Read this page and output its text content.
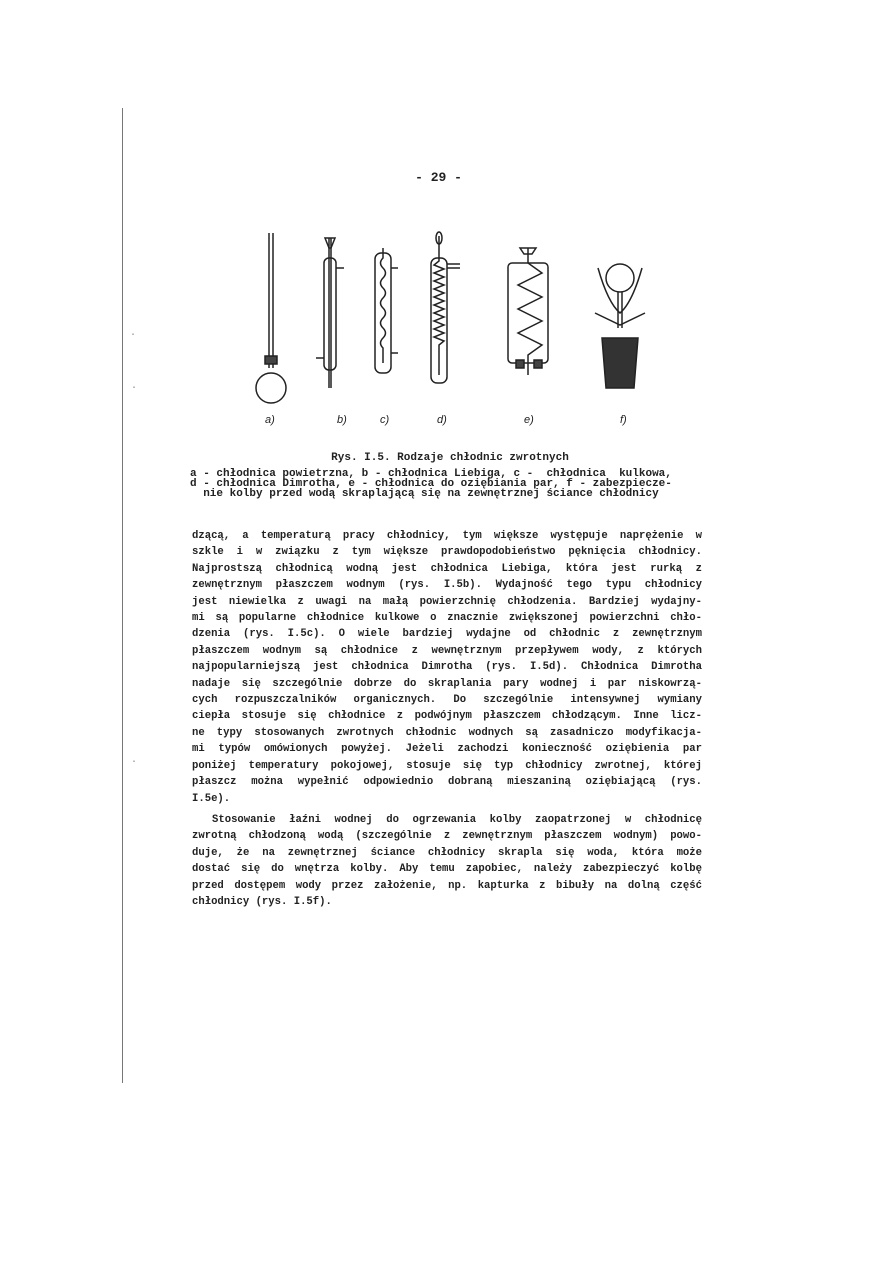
·
·
·
- 29 -
a)	b)	c)	d)	e)	f)
Rys. I.5. Rodzaje chłodnic zwrotnych
a - chłodnica powietrzna, b - chłodnica Liebiga, c -  chłodnica  kulkowa,
d - chłodnica Dimrotha, e - chłodnica do oziębiania par, f - zabezpiecze-
nie kolby przed wodą skraplającą się na zewnętrznej ściance chłodnicy
dzącą, a temperaturą pracy chłodnicy, tym większe występuje naprężenie w
szkle i w związku z tym większe prawdopodobieństwo pęknięcia chłodnicy.
Najprostszą chłodnicą wodną jest chłodnica Liebiga, która jest rurką z
zewnętrznym płaszczem wodnym (rys. I.5b). Wydajność tego typu chłodnicy
jest niewielka z uwagi na małą powierzchnię chłodzenia. Bardziej wydajny-
mi są popularne chłodnice kulkowe o znacznie zwiększonej powierzchni chło-
dzenia (rys. I.5c). O wiele bardziej wydajne od chłodnic z zewnętrznym
płaszczem wodnym są chłodnice z wewnętrznym przepływem wody, z których
najpopularniejszą jest chłodnica Dimrotha (rys. I.5d). Chłodnica Dimrotha
nadaje się szczególnie dobrze do skraplania pary wodnej i par niskowrzą-
cych rozpuszczalników organicznych. Do szczególnie intensywnej wymiany
ciepła stosuje się chłodnice z podwójnym płaszczem chłodzącym. Inne licz-
ne typy stosowanych zwrotnych chłodnic wodnych są zasadniczo modyfikacja-
mi typów omówionych powyżej. Jeżeli zachodzi konieczność oziębienia par
poniżej temperatury pokojowej, stosuje się typ chłodnicy zwrotnej, której
płaszcz można wypełnić odpowiednio dobraną mieszaniną oziębiającą (rys.
I.5e).
Stosowanie łaźni wodnej do ogrzewania kolby zaopatrzonej w chłodnicę
zwrotną chłodzoną wodą (szczególnie z zewnętrznym płaszczem wodnym) powo-
duje, że na zewnętrznej ściance chłodnicy skrapla się woda, która może
dostać się do wnętrza kolby. Aby temu zapobiec, należy zabezpieczyć kolbę
przed dostępem wody przez założenie, np. kapturka z bibuły na dolną część
chłodnicy (rys. I.5f).
